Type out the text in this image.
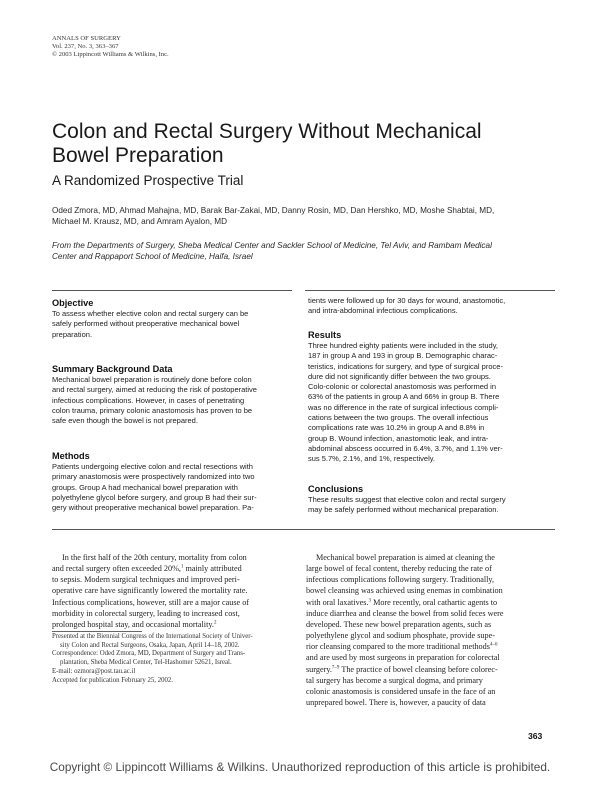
ANNALS OF SURGERY
Vol. 237, No. 3, 363–367
© 2003 Lippincott Williams & Wilkins, Inc.
Colon and Rectal Surgery Without Mechanical
Bowel Preparation
A Randomized Prospective Trial
Oded Zmora, MD, Ahmad Mahajna, MD, Barak Bar-Zakai, MD, Danny Rosin, MD, Dan Hershko, MD, Moshe Shabtai, MD,
Michael M. Krausz, MD, and Amram Ayalon, MD
From the Departments of Surgery, Sheba Medical Center and Sackler School of Medicine, Tel Aviv, and Rambam Medical
Center and Rappaport School of Medicine, Haifa, Israel
Objective
To assess whether elective colon and rectal surgery can be
safely performed without preoperative mechanical bowel
preparation.
Summary Background Data
Mechanical bowel preparation is routinely done before colon
and rectal surgery, aimed at reducing the risk of postoperative
infectious complications. However, in cases of penetrating
colon trauma, primary colonic anastomosis has proven to be
safe even though the bowel is not prepared.
Methods
Patients undergoing elective colon and rectal resections with
primary anastomosis were prospectively randomized into two
groups. Group A had mechanical bowel preparation with
polyethylene glycol before surgery, and group B had their sur-
gery without preoperative mechanical bowel preparation. Pa-
tients were followed up for 30 days for wound, anastomotic,
and intra-abdominal infectious complications.
Results
Three hundred eighty patients were included in the study,
187 in group A and 193 in group B. Demographic charac-
teristics, indications for surgery, and type of surgical proce-
dure did not significantly differ between the two groups.
Colo-colonic or colorectal anastomosis was performed in
63% of the patients in group A and 66% in group B. There
was no difference in the rate of surgical infectious compli-
cations between the two groups. The overall infectious
complications rate was 10.2% in group A and 8.8% in
group B. Wound infection, anastomotic leak, and intra-
abdominal abscess occurred in 6.4%, 3.7%, and 1.1% ver-
sus 5.7%, 2.1%, and 1%, respectively.
Conclusions
These results suggest that elective colon and rectal surgery
may be safely performed without mechanical preparation.
In the first half of the 20th century, mortality from colon
and rectal surgery often exceeded 20%,$^1$ mainly attributed
to sepsis. Modern surgical techniques and improved peri-
operative care have significantly lowered the mortality rate.
Infectious complications, however, still are a major cause of
morbidity in colorectal surgery, leading to increased cost,
prolonged hospital stay, and occasional mortality.$^2$
Presented at the Biennial Congress of the International Society of Univer-
sity Colon and Rectal Surgeons, Osaka, Japan, April 14–18, 2002.
Correspondence: Oded Zmora, MD, Department of Surgery and Trans-
plantation, Sheba Medical Center, Tel-Hashomer 52621, Isreal.
E-mail: ozmora@post.tau.ac.il
Accepted for publication February 25, 2002.
Mechanical bowel preparation is aimed at cleaning the
large bowel of fecal content, thereby reducing the rate of
infectious complications following surgery. Traditionally,
bowel cleansing was achieved using enemas in combination
with oral laxatives.$^3$ More recently, oral cathartic agents to
induce diarrhea and cleanse the bowel from solid feces were
developed. These new bowel preparation agents, such as
polyethylene glycol and sodium phosphate, provide supe-
rior cleansing compared to the more traditional methods$^{4-6}$
and are used by most surgeons in preparation for colorectal
surgery.$^{7-9}$ The practice of bowel cleansing before colorec-
tal surgery has become a surgical dogma, and primary
colonic anastomosis is considered unsafe in the face of an
unprepared bowel. There is, however, a paucity of data
363
Copyright © Lippincott Williams & Wilkins. Unauthorized reproduction of this article is prohibited.
